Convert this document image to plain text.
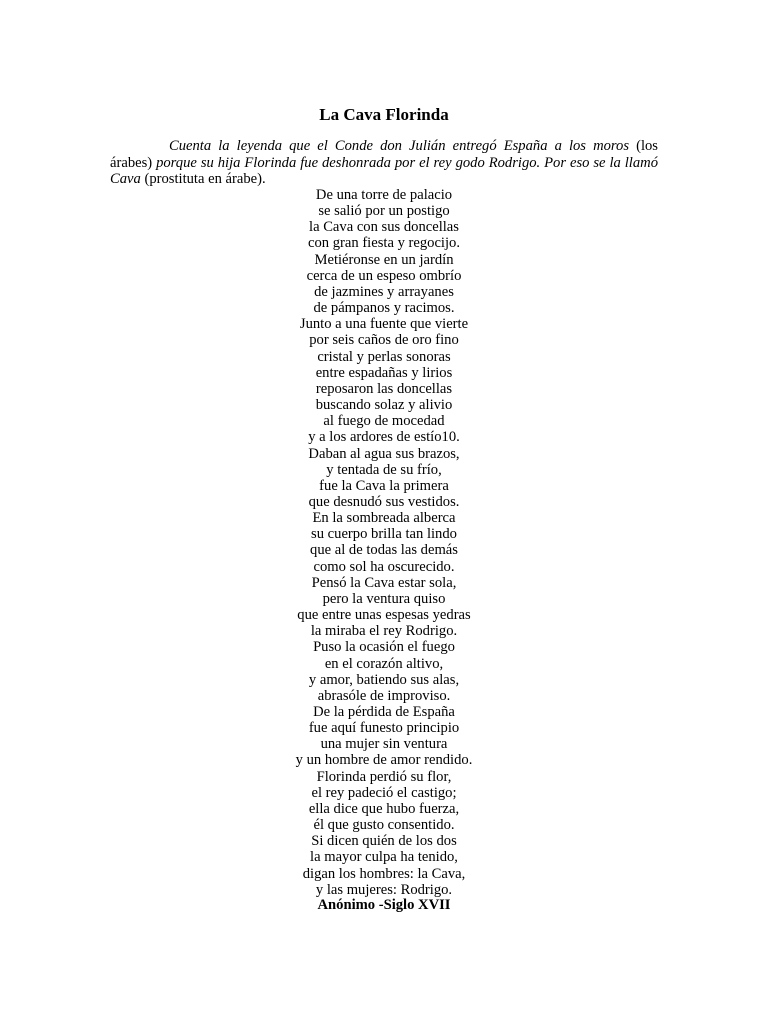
La Cava Florinda
Cuenta la leyenda que el Conde don Julián entregó España a los moros (los árabes) porque su hija Florinda fue deshonrada por el rey godo Rodrigo. Por eso se la llamó Cava (prostituta en árabe).
De una torre de palacio
se salió por un postigo
la Cava con sus doncellas
con gran fiesta y regocijo.
Metiéronse en un jardín
cerca de un espeso ombrío
de jazmines y arrayanes
de pámpanos y racimos.
Junto a una fuente que vierte
por seis caños de oro fino
cristal y perlas sonoras
entre espadañas y lirios
reposaron las doncellas
buscando solaz y alivio
al fuego de mocedad
y a los ardores de estío10.
Daban al agua sus brazos,
y tentada de su frío,
fue la Cava la primera
que desnudó sus vestidos.
En la sombreada alberca
su cuerpo brilla tan lindo
que al de todas las demás
como sol ha oscurecido.
Pensó la Cava estar sola,
pero la ventura quiso
que entre unas espesas yedras
la miraba el rey Rodrigo.
Puso la ocasión el fuego
en el corazón altivo,
y amor, batiendo sus alas,
abrasóle de improviso.
De la pérdida de España
fue aquí funesto principio
una mujer sin ventura
y un hombre de amor rendido.
Florinda perdió su flor,
el rey padeció el castigo;
ella dice que hubo fuerza,
él que gusto consentido.
Si dicen quién de los dos
la mayor culpa ha tenido,
digan los hombres: la Cava,
y las mujeres: Rodrigo.
Anónimo -Siglo XVII
